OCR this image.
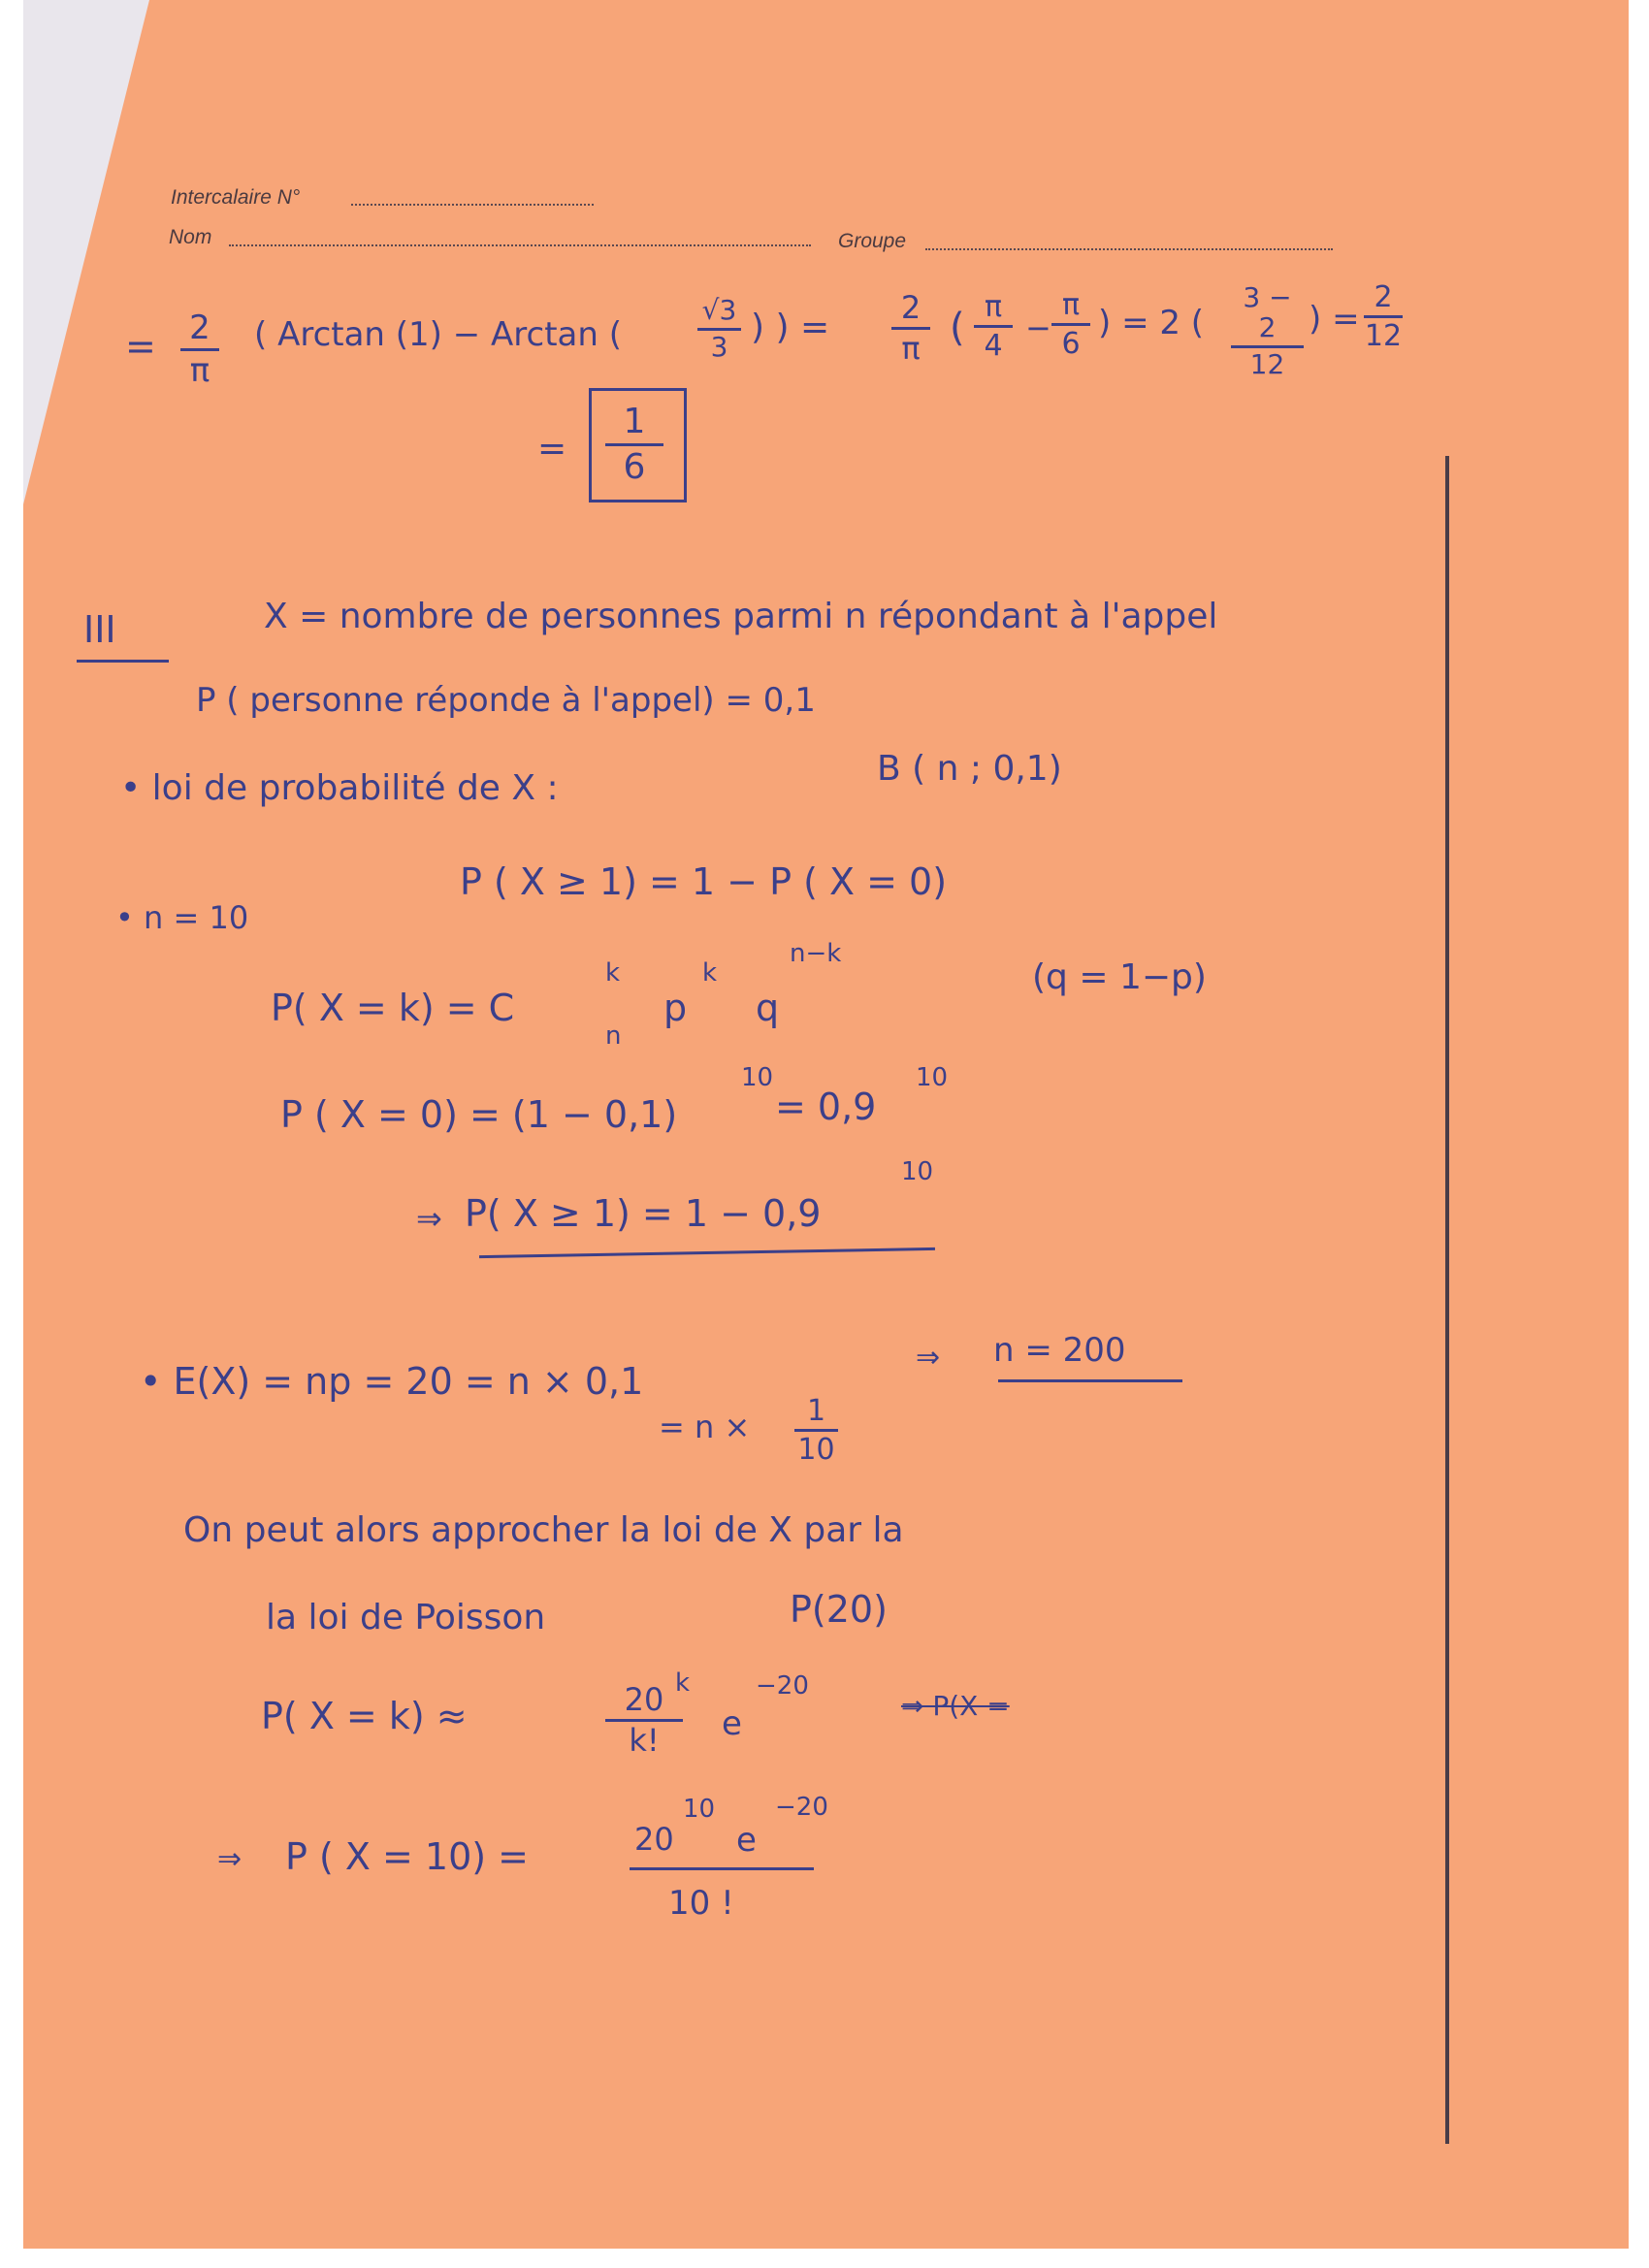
Intercalaire N°
Nom	Groupe
= 2
π
( Arctan (1) − Arctan (
√3
3 ) ) =	2
π ( π
4 −
π
6
) = 2 (
3 − 2
12
) =
2
12
=
1
6
III	X = nombre de personnes parmi n répondant à l'appel
P ( personne réponde à l'appel) = 0,1
• loi de probabilité de X :	B ( n ; 0,1)
• n = 10
P ( X ≥ 1) = 1 − P ( X = 0)
P( X = k) = C
k
n
p
k
q
n−k
(q = 1−p)
P ( X = 0) = (1 − 0,1)
10
= 0,9
10
⇒ P( X ≥ 1) = 1 − 0,9
10
• E(X) = np = 20 = n × 0,1
⇒ n = 200
= n ×	1
10
On peut alors approcher la loi de X par la
la loi de Poisson	P(20)
P( X = k) ≈	20
k!
k
e
−20
⇒ P(X =
⇒ P ( X = 10) =	20
10
e
−20
10 !
